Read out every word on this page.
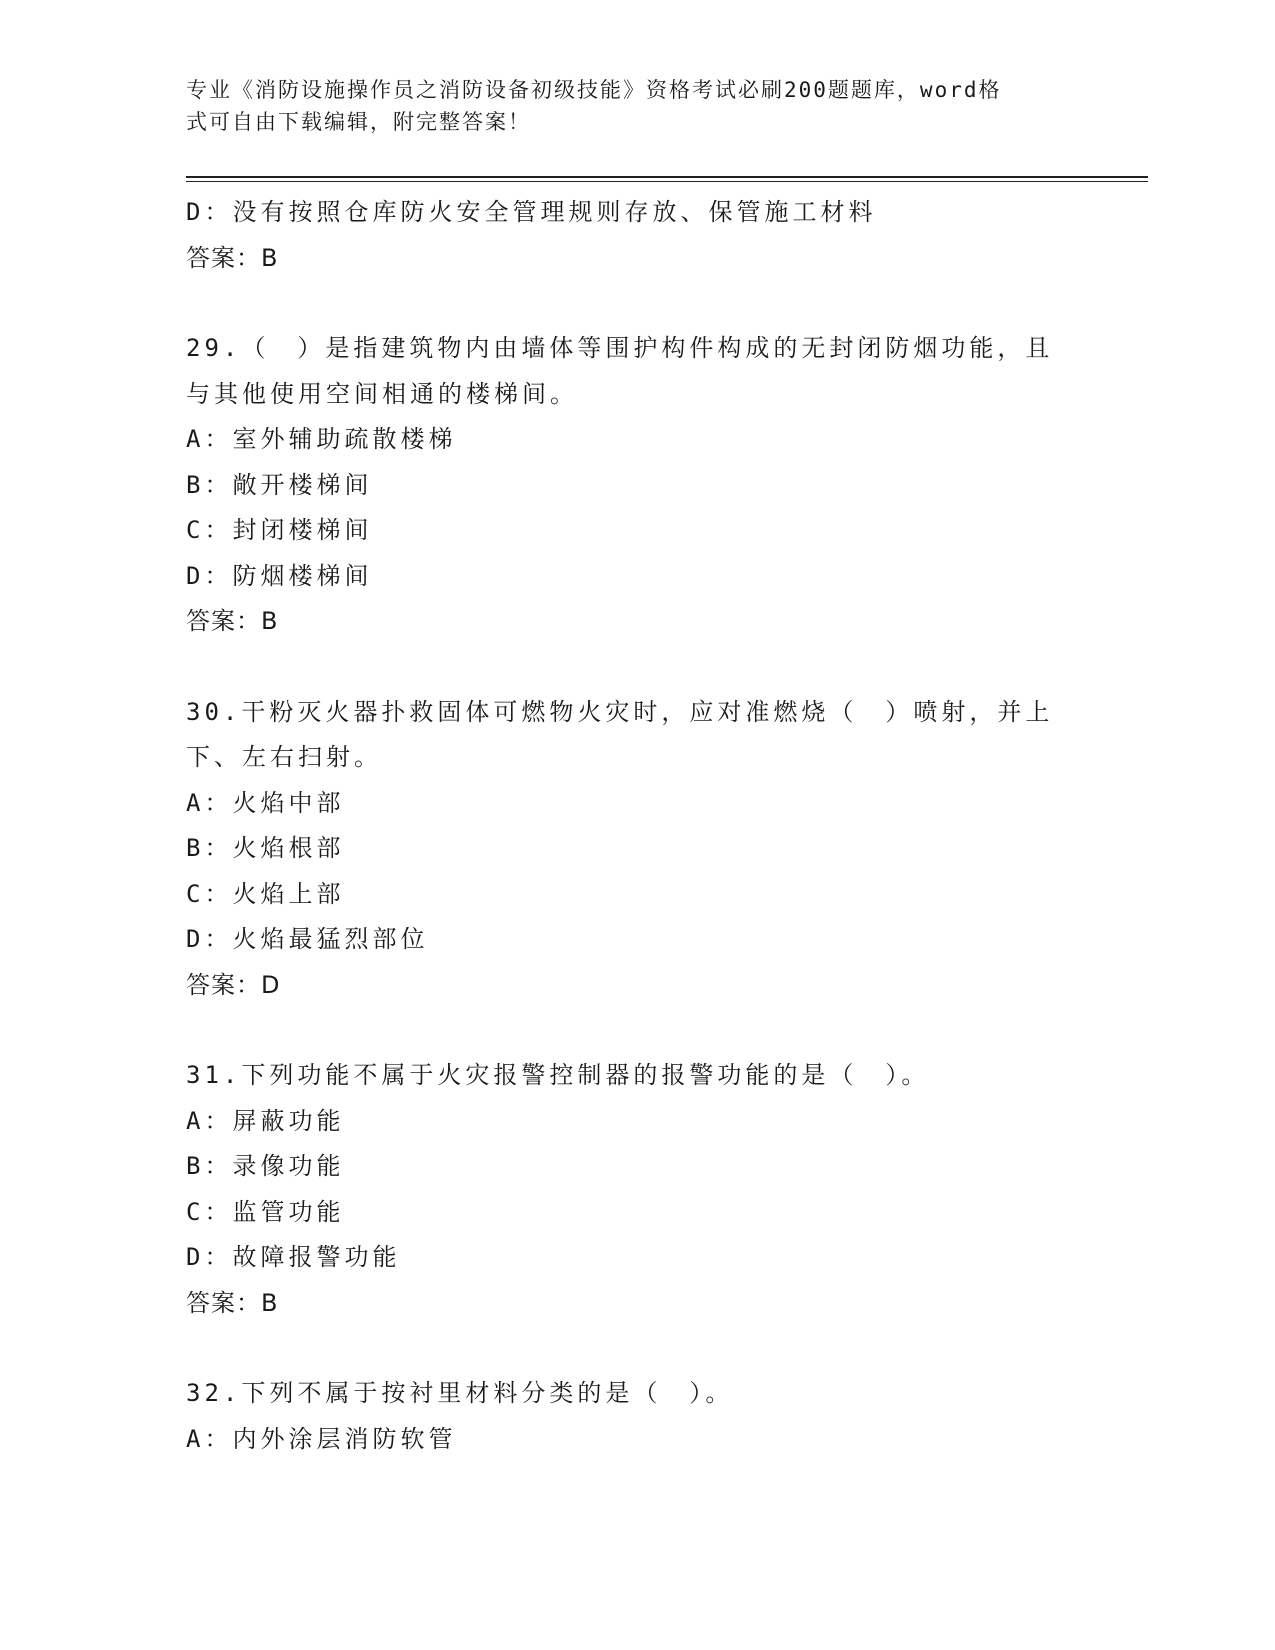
专业《消防设施操作员之消防设备初级技能》资格考试必刷200题题库，word格
式可自由下载编辑，附完整答案！
D：没有按照仓库防火安全管理规则存放、保管施工材料
答案：B
29.（　）是指建筑物内由墙体等围护构件构成的无封闭防烟功能，且
与其他使用空间相通的楼梯间。
A：室外辅助疏散楼梯
B：敞开楼梯间
C：封闭楼梯间
D：防烟楼梯间
答案：B
30.干粉灭火器扑救固体可燃物火灾时，应对准燃烧（　）喷射，并上
下、左右扫射。
A：火焰中部
B：火焰根部
C：火焰上部
D：火焰最猛烈部位
答案：D
31.下列功能不属于火灾报警控制器的报警功能的是（　）。
A：屏蔽功能
B：录像功能
C：监管功能
D：故障报警功能
答案：B
32.下列不属于按衬里材料分类的是（　）。
A：内外涂层消防软管
